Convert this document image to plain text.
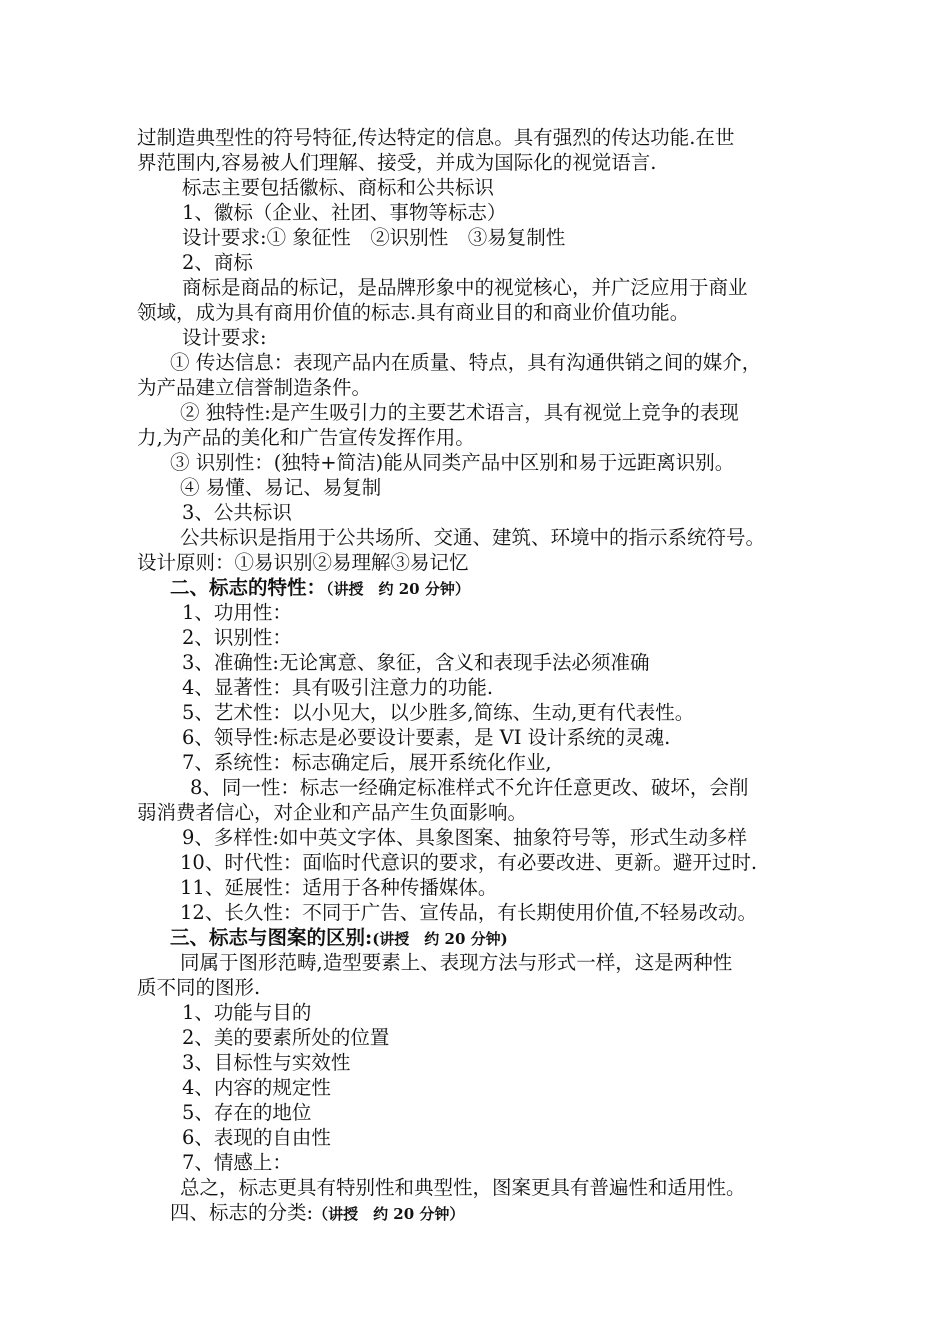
过制造典型性的符号特征,传达特定的信息。具有强烈的传达功能.在世
界范围内,容易被人们理解、接受，并成为国际化的视觉语言.
标志主要包括徽标、商标和公共标识
1、徽标（企业、社团、事物等标志）
设计要求:① 象征性　②识别性　③易复制性
2、商标
商标是商品的标记，是品牌形象中的视觉核心，并广泛应用于商业
领域，成为具有商用价值的标志.具有商业目的和商业价值功能。
设计要求:
① 传达信息：表现产品内在质量、特点，具有沟通供销之间的媒介，
为产品建立信誉制造条件。
② 独特性:是产生吸引力的主要艺术语言，具有视觉上竞争的表现
力,为产品的美化和广告宣传发挥作用。
③ 识别性：(独特+简洁)能从同类产品中区别和易于远距离识别。
④ 易懂、易记、易复制
3、公共标识
公共标识是指用于公共场所、交通、建筑、环境中的指示系统符号。
设计原则：①易识别②易理解③易记忆
二、标志的特性：（讲授　约 20 分钟）
1、功用性：
2、识别性：
3、准确性:无论寓意、象征，含义和表现手法必须准确
4、显著性：具有吸引注意力的功能.
5、艺术性：以小见大，以少胜多,简练、生动,更有代表性。
6、领导性:标志是必要设计要素，是 VI 设计系统的灵魂.
7、系统性：标志确定后，展开系统化作业,
8、同一性：标志一经确定标准样式不允许任意更改、破坏，会削
弱消费者信心，对企业和产品产生负面影响。
9、多样性:如中英文字体、具象图案、抽象符号等，形式生动多样
10、时代性：面临时代意识的要求，有必要改进、更新。避开过时.
11、延展性：适用于各种传播媒体。
12、长久性：不同于广告、宣传品，有长期使用价值,不轻易改动。
三、标志与图案的区别:(讲授　约 20 分钟)
同属于图形范畴,造型要素上、表现方法与形式一样，这是两种性
质不同的图形.
1、功能与目的
2、美的要素所处的位置
3、目标性与实效性
4、内容的规定性
5、存在的地位
6、表现的自由性
7、情感上：
总之，标志更具有特别性和典型性，图案更具有普遍性和适用性。
四、标志的分类:（讲授　约 20 分钟）
